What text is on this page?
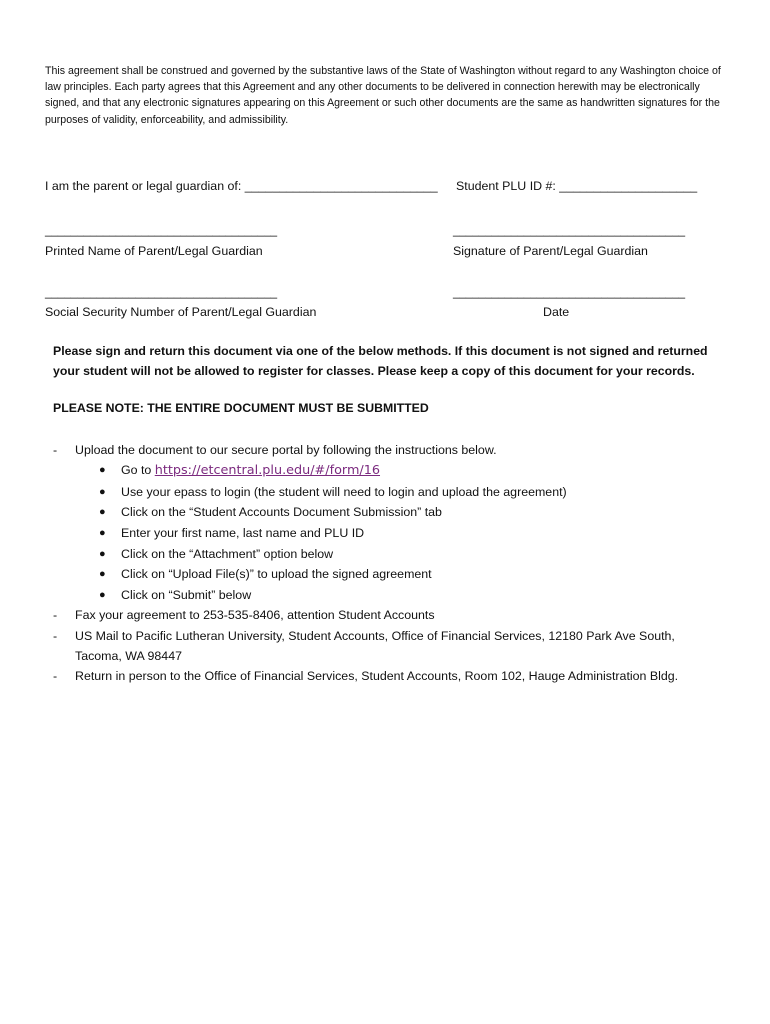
This agreement shall be construed and governed by the substantive laws of the State of Washington without regard to any Washington choice of law principles. Each party agrees that this Agreement and any other documents to be delivered in connection herewith may be electronically signed, and that any electronic signatures appearing on this Agreement or such other documents are the same as handwritten signatures for the purposes of validity, enforceability, and admissibility.

I am the parent or legal guardian of: ____________________________ Student PLU ID #: ____________________
____________________________________
Printed Name of Parent/Legal Guardian
____________________________________
Signature of Parent/Legal Guardian
____________________________________
Social Security Number of Parent/Legal Guardian
____________________________________
Date

Please sign and return this document via one of the below methods. If this document is not signed and returned your student will not be allowed to register for classes. Please keep a copy of this document for your records.

PLEASE NOTE: THE ENTIRE DOCUMENT MUST BE SUBMITTED
- Upload the document to our secure portal by following the instructions below.
● Go to https://etcentral.plu.edu/#/form/16
● Use your epass to login (the student will need to login and upload the agreement)
● Click on the “Student Accounts Document Submission” tab
● Enter your first name, last name and PLU ID
● Click on the “Attachment” option below
● Click on “Upload File(s)” to upload the signed agreement
● Click on “Submit” below
- Fax your agreement to 253-535-8406, attention Student Accounts
- US Mail to Pacific Lutheran University, Student Accounts, Office of Financial Services, 12180 Park Ave South, Tacoma, WA 98447
- Return in person to the Office of Financial Services, Student Accounts, Room 102, Hauge Administration Bldg.
